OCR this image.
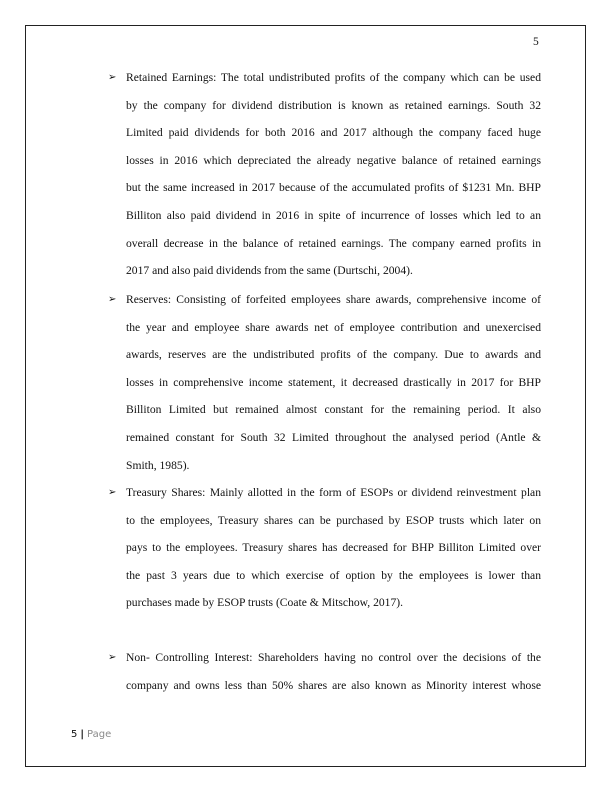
5
➢ Retained Earnings: The total undistributed profits of the company which can be used
by the company for dividend distribution is known as retained earnings. South 32
Limited paid dividends for both 2016 and 2017 although the company faced huge
losses in 2016 which depreciated the already negative balance of retained earnings
but the same increased in 2017 because of the accumulated profits of $1231 Mn. BHP
Billiton also paid dividend in 2016 in spite of incurrence of losses which led to an
overall decrease in the balance of retained earnings. The company earned profits in
2017 and also paid dividends from the same (Durtschi, 2004).
➢ Reserves: Consisting of forfeited employees share awards, comprehensive income of
the year and employee share awards net of employee contribution and unexercised
awards, reserves are the undistributed profits of the company. Due to awards and
losses in comprehensive income statement, it decreased drastically in 2017 for BHP
Billiton Limited but remained almost constant for the remaining period. It also
remained constant for South 32 Limited throughout the analysed period (Antle &
Smith, 1985).
➢ Treasury Shares: Mainly allotted in the form of ESOPs or dividend reinvestment plan
to the employees, Treasury shares can be purchased by ESOP trusts which later on
pays to the employees. Treasury shares has decreased for BHP Billiton Limited over
the past 3 years due to which exercise of option by the employees is lower than
purchases made by ESOP trusts (Coate & Mitschow, 2017).
➢ Non- Controlling Interest: Shareholders having no control over the decisions of the
company and owns less than 50% shares are also known as Minority interest whose
5 | Page
